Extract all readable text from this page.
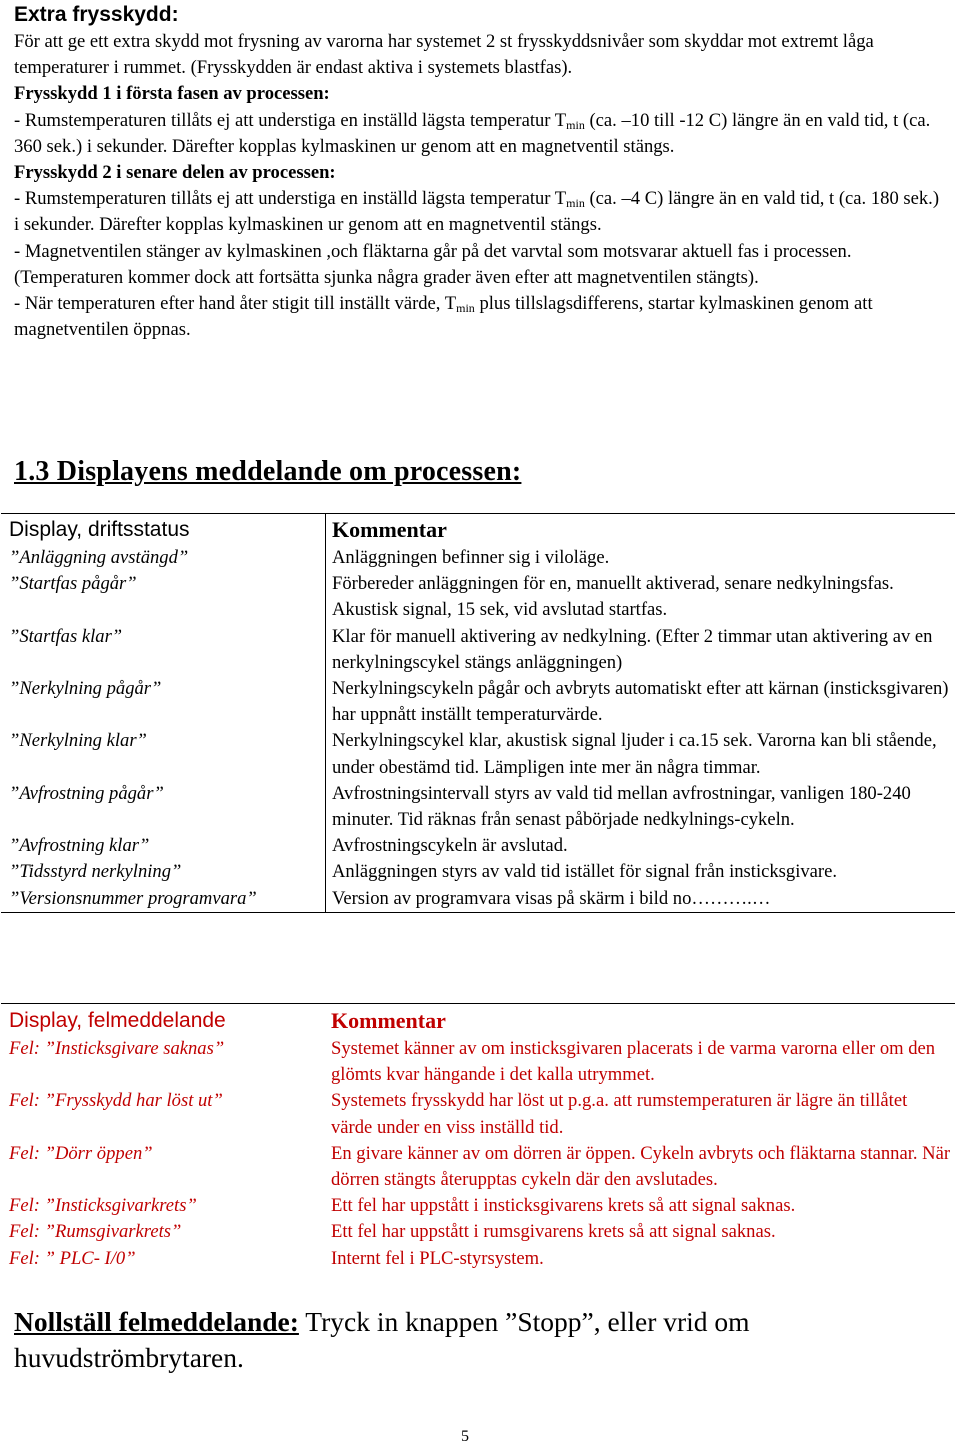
Extra frysskydd:

För att ge ett extra skydd mot frysning av varorna har systemet 2 st frysskyddsnivåer som skyddar mot extremt låga temperaturer i rummet. (Frysskydden är endast aktiva i systemets blastfas).

Frysskydd 1 i första fasen av processen:

- Rumstemperaturen tillåts ej att understiga en inställd lägsta temperatur $T_{min}$ (ca. –10 till -12 C) längre än en vald tid, t (ca. 360 sek.) i sekunder. Därefter kopplas kylmaskinen ur genom att en magnetventil stängs.

Frysskydd 2 i senare delen av processen:

- Rumstemperaturen tillåts ej att understiga en inställd lägsta temperatur $T_{min}$ (ca. –4 C) längre än en vald tid, t (ca. 180 sek.) i sekunder. Därefter kopplas kylmaskinen ur genom att en magnetventil stängs.

- Magnetventilen stänger av kylmaskinen ,och fläktarna går på det varvtal som motsvarar aktuell fas i processen. (Temperaturen kommer dock att fortsätta sjunka några grader även efter att magnetventilen stängts).

- När temperaturen efter hand åter stigit till inställt värde, $T_{min}$ plus tillslagsdifferens, startar kylmaskinen genom att magnetventilen öppnas.

1.3 Displayens meddelande om processen:
Display, driftsstatus	Kommentar
”Anläggning avstängd”	Anläggningen befinner sig i viloläge.
”Startfas pågår”	Förbereder anläggningen för en, manuellt aktiverad, senare nedkylningsfas. Akustisk signal, 15 sek, vid avslutad startfas.
”Startfas klar”	Klar för manuell aktivering av nedkylning. (Efter 2 timmar utan aktivering av en nerkylningscykel stängs anläggningen)
”Nerkylning pågår”	Nerkylningscykeln pågår och avbryts automatiskt efter att kärnan (insticksgivaren) har uppnått inställt temperaturvärde.
”Nerkylning klar”	Nerkylningscykel klar, akustisk signal ljuder i ca.15 sek. Varorna kan bli stående, under obestämd tid. Lämpligen inte mer än några timmar.
”Avfrostning pågår”	Avfrostningsintervall styrs av vald tid mellan avfrostningar, vanligen 180-240 minuter. Tid räknas från senast påbörjade nedkylnings-cykeln.
”Avfrostning klar”	Avfrostningscykeln är avslutad.
”Tidsstyrd nerkylning”	Anläggningen styrs av vald tid istället för signal från insticksgivare.
”Versionsnummer programvara”	Version av programvara visas på skärm i bild no……….…
Display, felmeddelande	Kommentar
Fel: ”Insticksgivare saknas”	Systemet känner av om insticksgivaren placerats i de varma varorna eller om den glömts kvar hängande i det kalla utrymmet.
Fel: ”Frysskydd har löst ut”	Systemets frysskydd har löst ut p.g.a. att rumstemperaturen är lägre än tillåtet värde under en viss inställd tid.
Fel: ”Dörr öppen”	En givare känner av om dörren är öppen. Cykeln avbryts och fläktarna stannar. När dörren stängts återupptas cykeln där den avslutades.
Fel: ”Insticksgivarkrets”	Ett fel har uppstått i insticksgivarens krets så att signal saknas.
Fel: ”Rumsgivarkrets”	Ett fel har uppstått i rumsgivarens krets så att signal saknas.
Fel: ” PLC- I/0”	Internt fel i PLC-styrsystem.

Nollställ felmeddelande: Tryck in knappen ”Stopp”, eller vrid om huvudströmbrytaren.

5
